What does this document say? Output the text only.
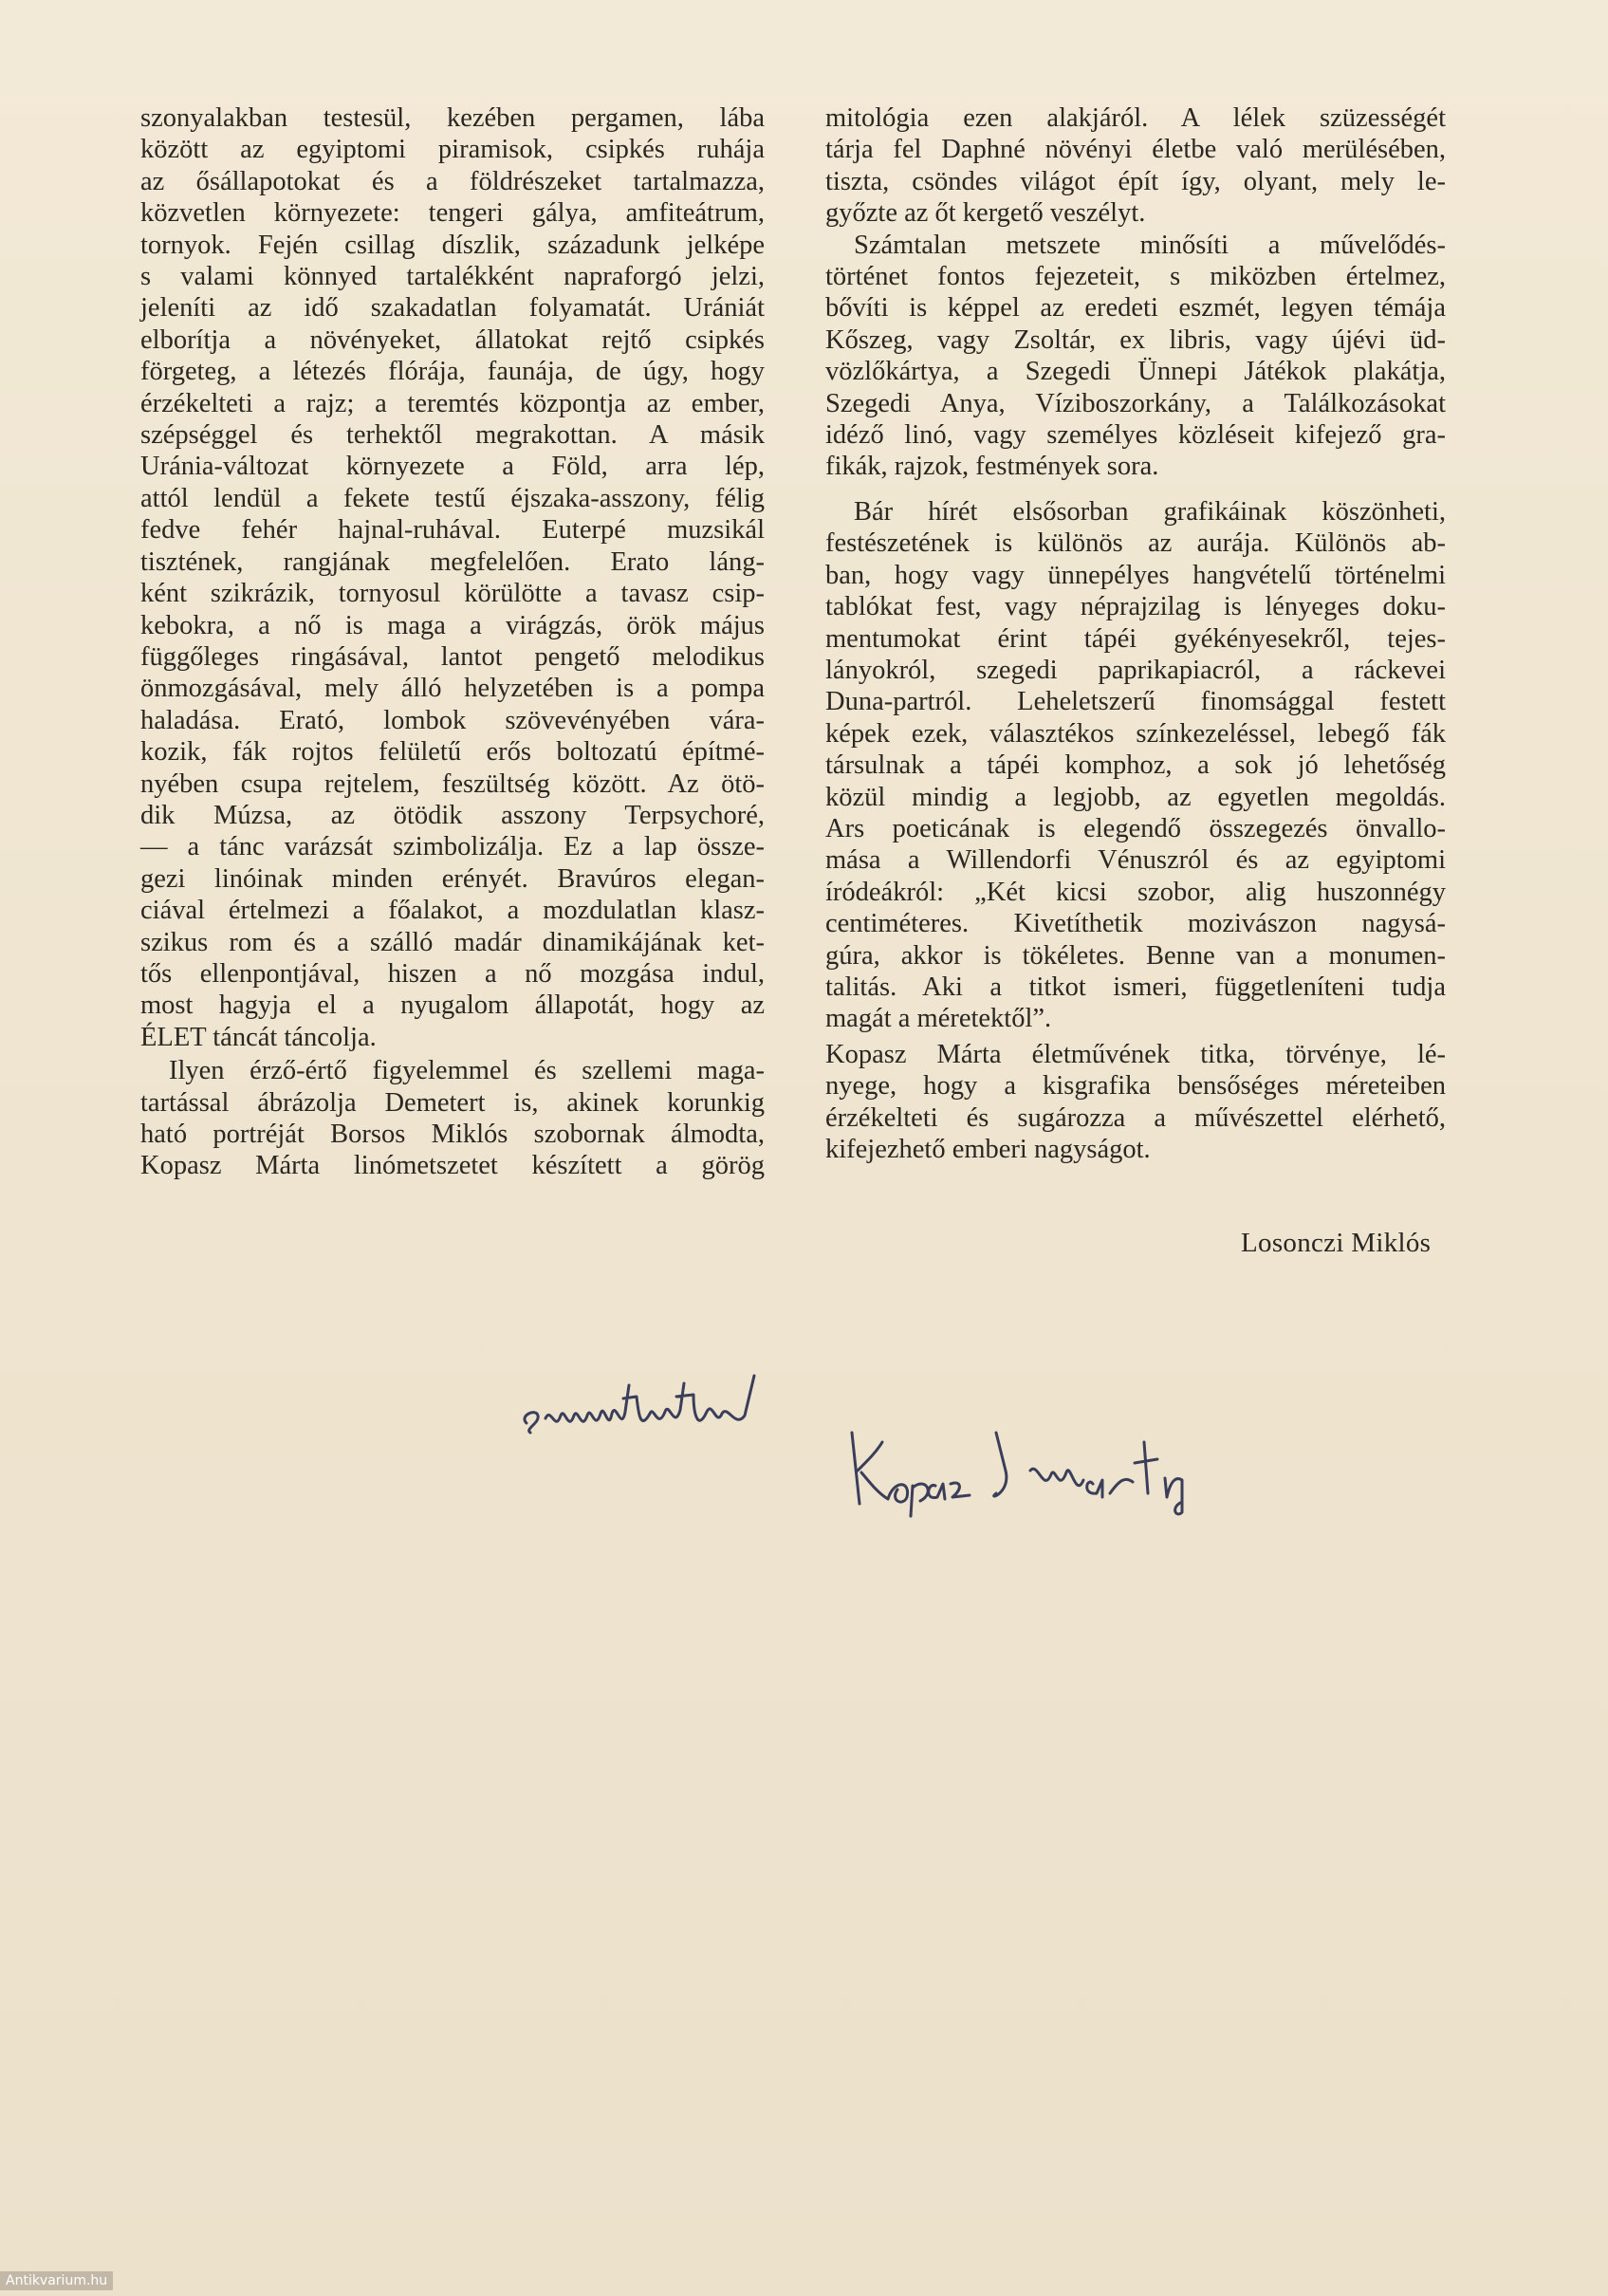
szonyalakban testesül, kezében pergamen, lába
között az egyiptomi piramisok, csipkés ruhája
az ősállapotokat és a földrészeket tartalmazza,
közvetlen környezete: tengeri gálya, amfiteátrum,
tornyok. Fején csillag díszlik, századunk jelképe
s valami könnyed tartalékként napraforgó jelzi,
jeleníti az idő szakadatlan folyamatát. Urániát
elborítja a növényeket, állatokat rejtő csipkés
förgeteg, a létezés flórája, faunája, de úgy, hogy
érzékelteti a rajz; a teremtés központja az ember,
szépséggel és terhektől megrakottan. A másik
Uránia-változat környezete a Föld, arra lép,
attól lendül a fekete testű éjszaka-asszony, félig
fedve fehér hajnal-ruhával. Euterpé muzsikál
tisztének, rangjának megfelelően. Erato láng-
ként szikrázik, tornyosul körülötte a tavasz csip-
kebokra, a nő is maga a virágzás, örök május
függőleges ringásával, lantot pengető melodikus
önmozgásával, mely álló helyzetében is a pompa
haladása. Erató, lombok szövevényében vára-
kozik, fák rojtos felületű erős boltozatú építmé-
nyében csupa rejtelem, feszültség között. Az ötö-
dik Múzsa, az ötödik asszony Terpsychoré,
— a tánc varázsát szimbolizálja. Ez a lap össze-
gezi linóinak minden erényét. Bravúros elegan-
ciával értelmezi a főalakot, a mozdulatlan klasz-
szikus rom és a szálló madár dinamikájának ket-
tős ellenpontjával, hiszen a nő mozgása indul,
most hagyja el a nyugalom állapotát, hogy az
ÉLET táncát táncolja.
Ilyen érző-értő figyelemmel és szellemi maga-
tartással ábrázolja Demetert is, akinek korunkig
ható portréját Borsos Miklós szobornak álmodta,
Kopasz Márta linómetszetet készített a görög
mitológia ezen alakjáról. A lélek szüzességét
tárja fel Daphné növényi életbe való merülésében,
tiszta, csöndes világot épít így, olyant, mely le-
győzte az őt kergető veszélyt.
Számtalan metszete minősíti a művelődés-
történet fontos fejezeteit, s miközben értelmez,
bővíti is képpel az eredeti eszmét, legyen témája
Kőszeg, vagy Zsoltár, ex libris, vagy újévi üd-
vözlőkártya, a Szegedi Ünnepi Játékok plakátja,
Szegedi Anya, Víziboszorkány, a Találkozásokat
idéző linó, vagy személyes közléseit kifejező gra-
fikák, rajzok, festmények sora.
Bár hírét elsősorban grafikáinak köszönheti,
festészetének is különös az aurája. Különös ab-
ban, hogy vagy ünnepélyes hangvételű történelmi
tablókat fest, vagy néprajzilag is lényeges doku-
mentumokat érint tápéi gyékényesekről, tejes-
lányokról, szegedi paprikapiacról, a ráckevei
Duna-partról. Leheletszerű finomsággal festett
képek ezek, választékos színkezeléssel, lebegő fák
társulnak a tápéi komphoz, a sok jó lehetőség
közül mindig a legjobb, az egyetlen megoldás.
Ars poeticának is elegendő összegezés önvallo-
mása a Willendorfi Vénuszról és az egyiptomi
íródeákról: „Két kicsi szobor, alig huszonnégy
centiméteres. Kivetíthetik mozivászon nagysá-
gúra, akkor is tökéletes. Benne van a monumen-
talitás. Aki a titkot ismeri, függetleníteni tudja
magát a méretektől”.
Kopasz Márta életművének titka, törvénye, lé-
nyege, hogy a kisgrafika bensőséges méreteiben
érzékelteti és sugározza a művészettel elérhető,
kifejezhető emberi nagyságot.
Losonczi Miklós
Antikvarium.hu
